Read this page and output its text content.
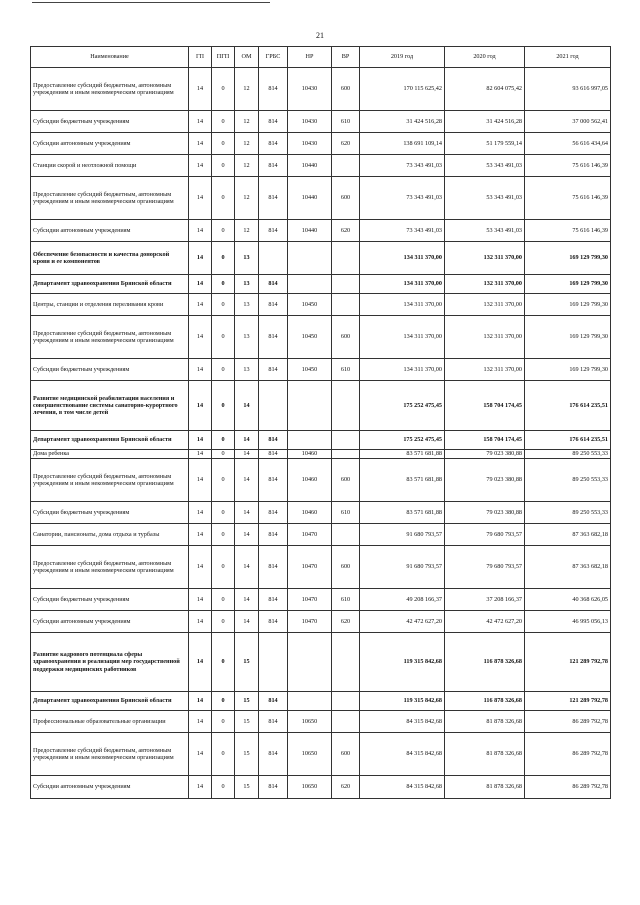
21
Наименование	ГП	ПГП	ОМ	ГРБС	НР	ВР	2019 год	2020 год	2021 год
Предоставление субсидий бюджетным, автономным учреждениям и иным некоммерческим организациям	14	0	12	814	10430	600	170 115 625,42	82 604 075,42	93 616 997,05
Субсидии бюджетным учреждениям	14	0	12	814	10430	610	31 424 516,28	31 424 516,28	37 000 562,41
Субсидии автономным учреждениям	14	0	12	814	10430	620	138 691 109,14	51 179 559,14	56 616 434,64
Станции скорой и неотложной помощи	14	0	12	814	10440		73 343 491,03	53 343 491,03	75 616 146,39
Предоставление субсидий бюджетным, автономным учреждениям и иным некоммерческим организациям	14	0	12	814	10440	600	73 343 491,03	53 343 491,03	75 616 146,39
Субсидии автономным учреждениям	14	0	12	814	10440	620	73 343 491,03	53 343 491,03	75 616 146,39
Обеспечение безопасности и качества донорской крови и ее компонентов	14	0	13				134 311 370,00	132 311 370,00	169 129 799,30
Департамент здравоохранения Брянской области	14	0	13	814			134 311 370,00	132 311 370,00	169 129 799,30
Центры, станции и отделения переливания крови	14	0	13	814	10450		134 311 370,00	132 311 370,00	169 129 799,30
Предоставление субсидий бюджетным, автономным учреждениям и иным некоммерческим организациям	14	0	13	814	10450	600	134 311 370,00	132 311 370,00	169 129 799,30
Субсидии бюджетным учреждениям	14	0	13	814	10450	610	134 311 370,00	132 311 370,00	169 129 799,30
Развитие медицинской реабилитации населения и совершенствование системы санаторно-курортного лечения, в том числе детей	14	0	14				175 252 475,45	158 704 174,45	176 614 235,51
Департамент здравоохранения Брянской области	14	0	14	814			175 252 475,45	158 704 174,45	176 614 235,51
Дома ребенка	14	0	14	814	10460		83 571 681,88	79 023 380,88	89 250 553,33
Предоставление субсидий бюджетным, автономным учреждениям и иным некоммерческим организациям	14	0	14	814	10460	600	83 571 681,88	79 023 380,88	89 250 553,33
Субсидии бюджетным учреждениям	14	0	14	814	10460	610	83 571 681,88	79 023 380,88	89 250 553,33
Санатории, пансионаты, дома отдыха и турбазы	14	0	14	814	10470		91 680 793,57	79 680 793,57	87 363 682,18
Предоставление субсидий бюджетным, автономным учреждениям и иным некоммерческим организациям	14	0	14	814	10470	600	91 680 793,57	79 680 793,57	87 363 682,18
Субсидии бюджетным учреждениям	14	0	14	814	10470	610	49 208 166,37	37 208 166,37	40 368 626,05
Субсидии автономным учреждениям	14	0	14	814	10470	620	42 472 627,20	42 472 627,20	46 995 056,13
Развитие кадрового потенциала сферы здравоохранения и реализация мер государственной поддержки медицинских работников	14	0	15				119 315 842,68	116 878 326,68	121 289 792,78
Департамент здравоохранения Брянской области	14	0	15	814			119 315 842,68	116 878 326,68	121 289 792,78
Профессиональные образовательные организации	14	0	15	814	10650		84 315 842,68	81 878 326,68	86 289 792,78
Предоставление субсидий бюджетным, автономным учреждениям и иным некоммерческим организациям	14	0	15	814	10650	600	84 315 842,68	81 878 326,68	86 289 792,78
Субсидии автономным учреждениям	14	0	15	814	10650	620	84 315 842,68	81 878 326,68	86 289 792,78
